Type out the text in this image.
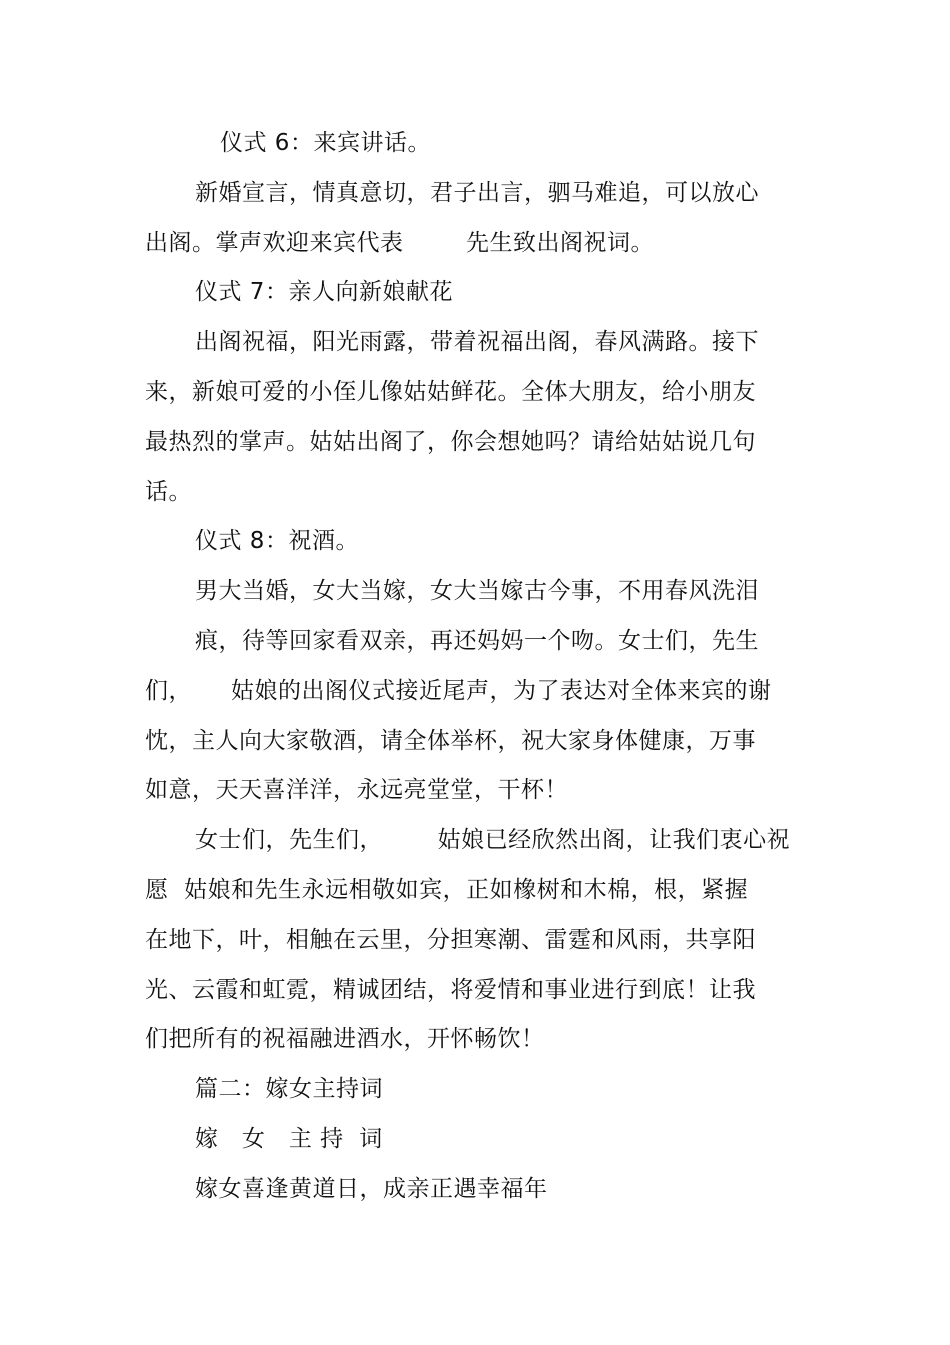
仪式 6：来宾讲话。
新婚宣言，情真意切，君子出言，驷马难追，可以放心
出阁。掌声欢迎来宾代表        先生致出阁祝词。
仪式 7：亲人向新娘献花
出阁祝福，阳光雨露，带着祝福出阁，春风满路。接下
来，新娘可爱的小侄儿像姑姑鲜花。全体大朋友，给小朋友
最热烈的掌声。姑姑出阁了，你会想她吗？请给姑姑说几句
话。
仪式 8：祝酒。
男大当婚，女大当嫁，女大当嫁古今事，不用春风洗泪
痕，待等回家看双亲，再还妈妈一个吻。女士们，先生
们，     姑娘的出阁仪式接近尾声，为了表达对全体来宾的谢
忱，主人向大家敬酒，请全体举杯，祝大家身体健康，万事
如意，天天喜洋洋，永远亮堂堂，干杯！
女士们，先生们，       姑娘已经欣然出阁，让我们衷心祝
愿  姑娘和先生永远相敬如宾，正如橡树和木棉，根，紧握
在地下，叶，相触在云里，分担寒潮、雷霆和风雨，共享阳
光、云霞和虹霓，精诚团结，将爱情和事业进行到底！让我
们把所有的祝福融进酒水，开怀畅饮！
篇二：嫁女主持词
嫁   女   主 持  词
嫁女喜逢黄道日，成亲正遇幸福年
